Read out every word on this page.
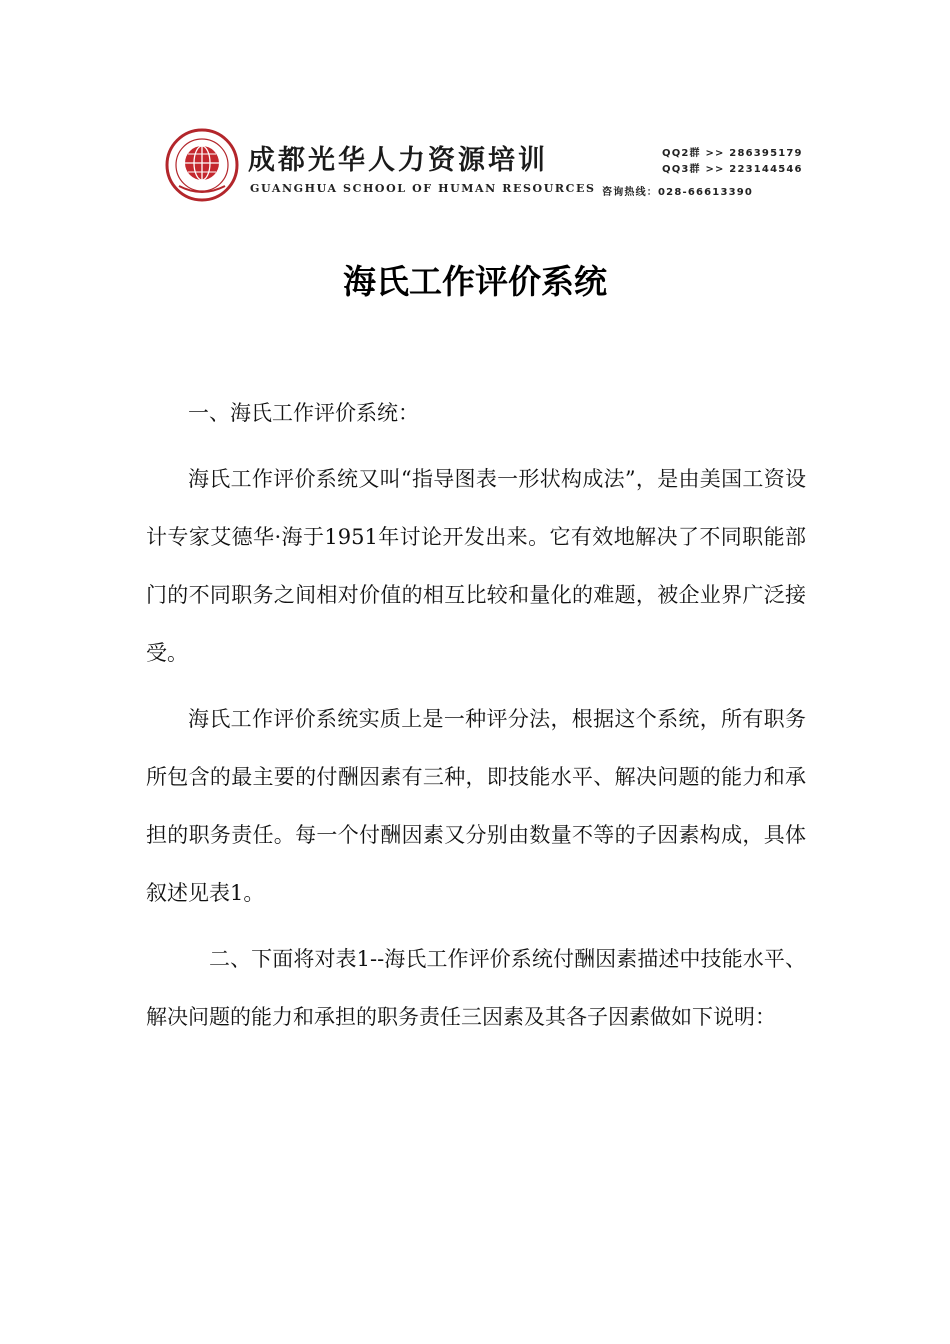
成都光华人力资源培训
GUANGHUA SCHOOL OF HUMAN RESOURCES
QQ2群 >> 286395179
QQ3群 >> 223144546
咨询热线：028-66613390
海氏工作评价系统

一、海氏工作评价系统：

海氏工作评价系统又叫“指导图表一形状构成法”，是由美国工资设计专家艾德华·海于1951年讨论开发出来。它有效地解决了不同职能部门的不同职务之间相对价值的相互比较和量化的难题，被企业界广泛接受。

海氏工作评价系统实质上是一种评分法，根据这个系统，所有职务所包含的最主要的付酬因素有三种，即技能水平、解决问题的能力和承担的职务责任。每一个付酬因素又分别由数量不等的子因素构成，具体叙述见表1。

二、下面将对表1--海氏工作评价系统付酬因素描述中技能水平、解决问题的能力和承担的职务责任三因素及其各子因素做如下说明：
